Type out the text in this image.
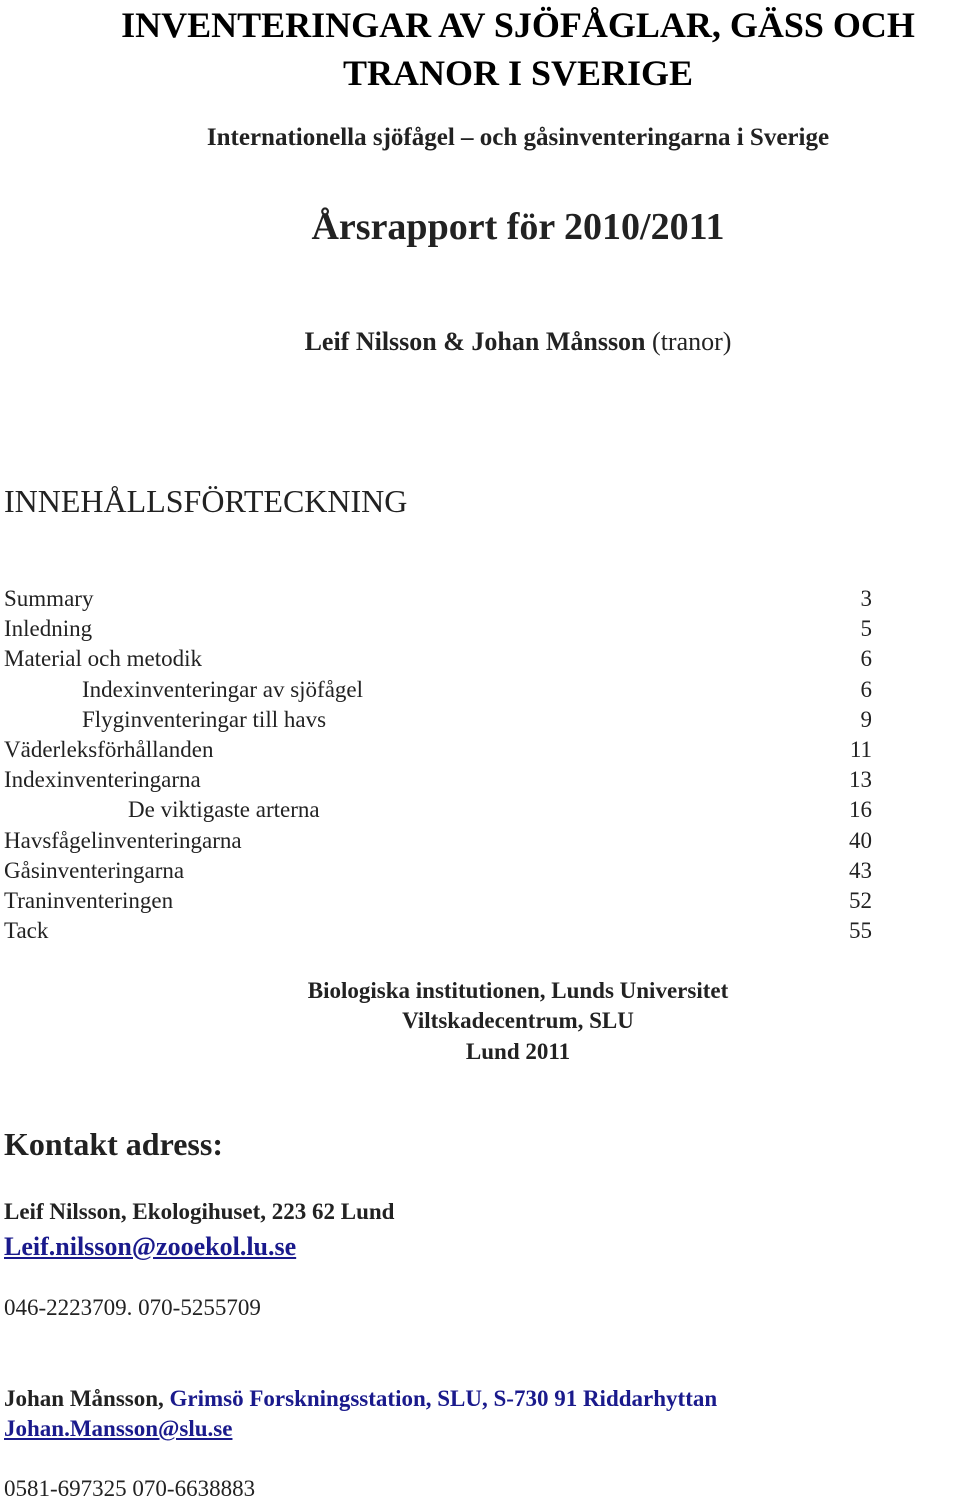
INVENTERINGAR AV SJÖFÅGLAR, GÄSS OCH
TRANOR I SVERIGE
Internationella sjöfågel – och gåsinventeringarna i Sverige
Årsrapport för 2010/2011
Leif Nilsson & Johan Månsson (tranor)
INNEHÅLLSFÖRTECKNING
Summary	3
Inledning	5
Material och metodik	6
Indexinventeringar av sjöfågel	6
Flyginventeringar till havs	9
Väderleksförhållanden	11
Indexinventeringarna	13
De viktigaste arterna	16
Havsfågelinventeringarna	40
Gåsinventeringarna	43
Traninventeringen	52
Tack	55
Biologiska institutionen, Lunds Universitet
Viltskadecentrum, SLU
Lund 2011
Kontakt adress:
Leif Nilsson, Ekologihuset, 223 62 Lund
Leif.nilsson@zooekol.lu.se
046-2223709. 070-5255709
Johan Månsson, Grimsö Forskningsstation, SLU, S-730 91 Riddarhyttan
Johan.Mansson@slu.se
0581-697325 070-6638883
